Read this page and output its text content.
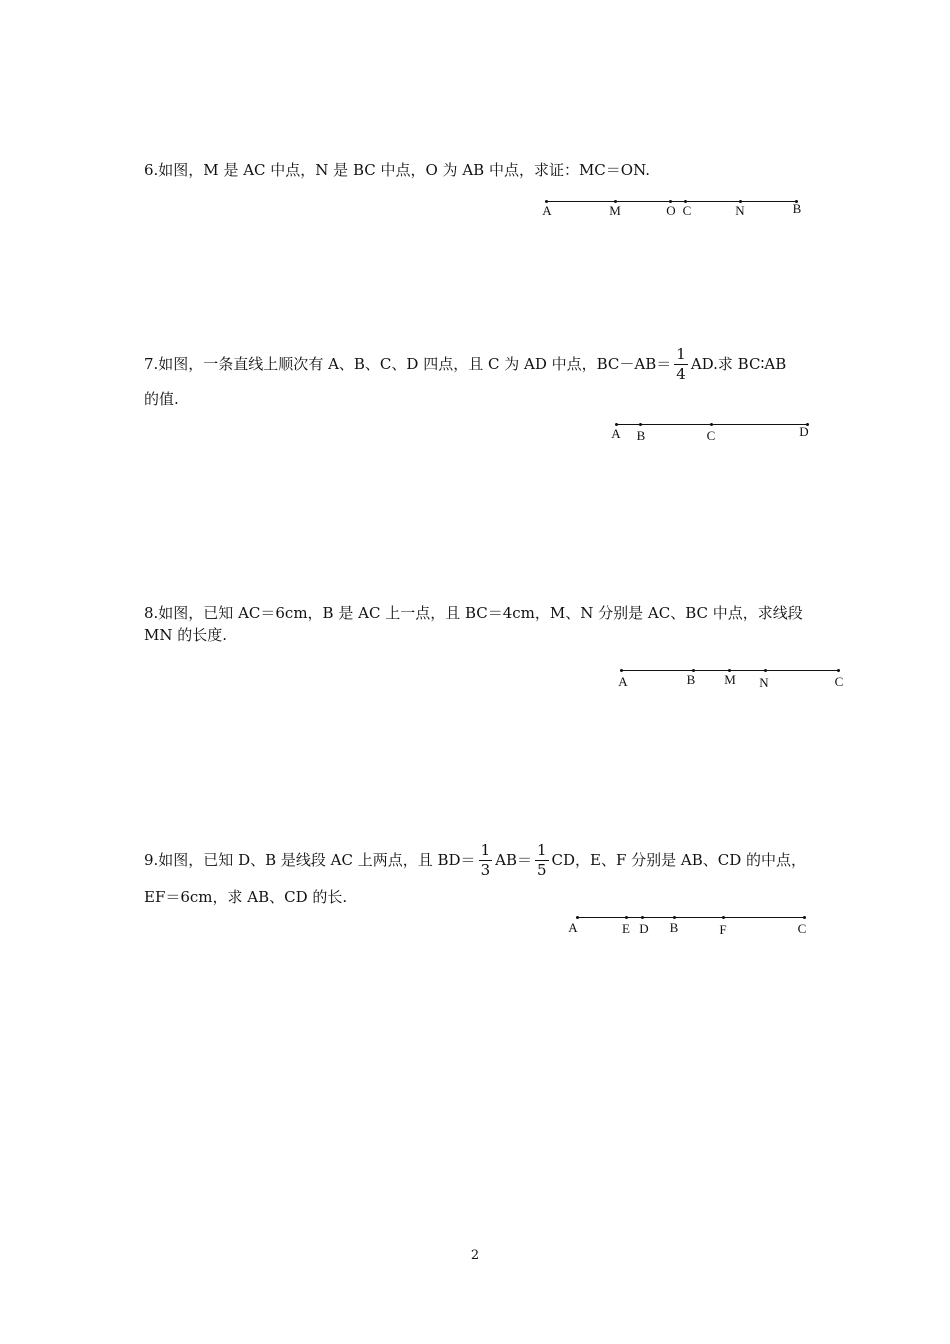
6.如图，M 是 AC 中点，N 是 BC 中点，O 为 AB 中点，求证：MC＝ON.
A	M	O C	N	B
7.如图，一条直线上顺次有 A、B、C、D 四点，且 C 为 AD 中点，$BC-AB= \frac{1}{4}$ AD.求 BC∶AB
的值.
A B	C	D
8.如图，已知 AC＝6cm，B 是 AC 上一点，且 BC＝4cm，M、N 分别是 AC、BC 中点，求线段
MN 的长度.
A	B M N	C
9.如图，已知 D、B 是线段 AC 上两点，且 $BD= \frac{1}{3} AB= \frac{1}{5}$ CD，E、F 分别是 AB、CD 的中点，
EF＝6cm，求 AB、CD 的长.
A	E D B	F	C
2
